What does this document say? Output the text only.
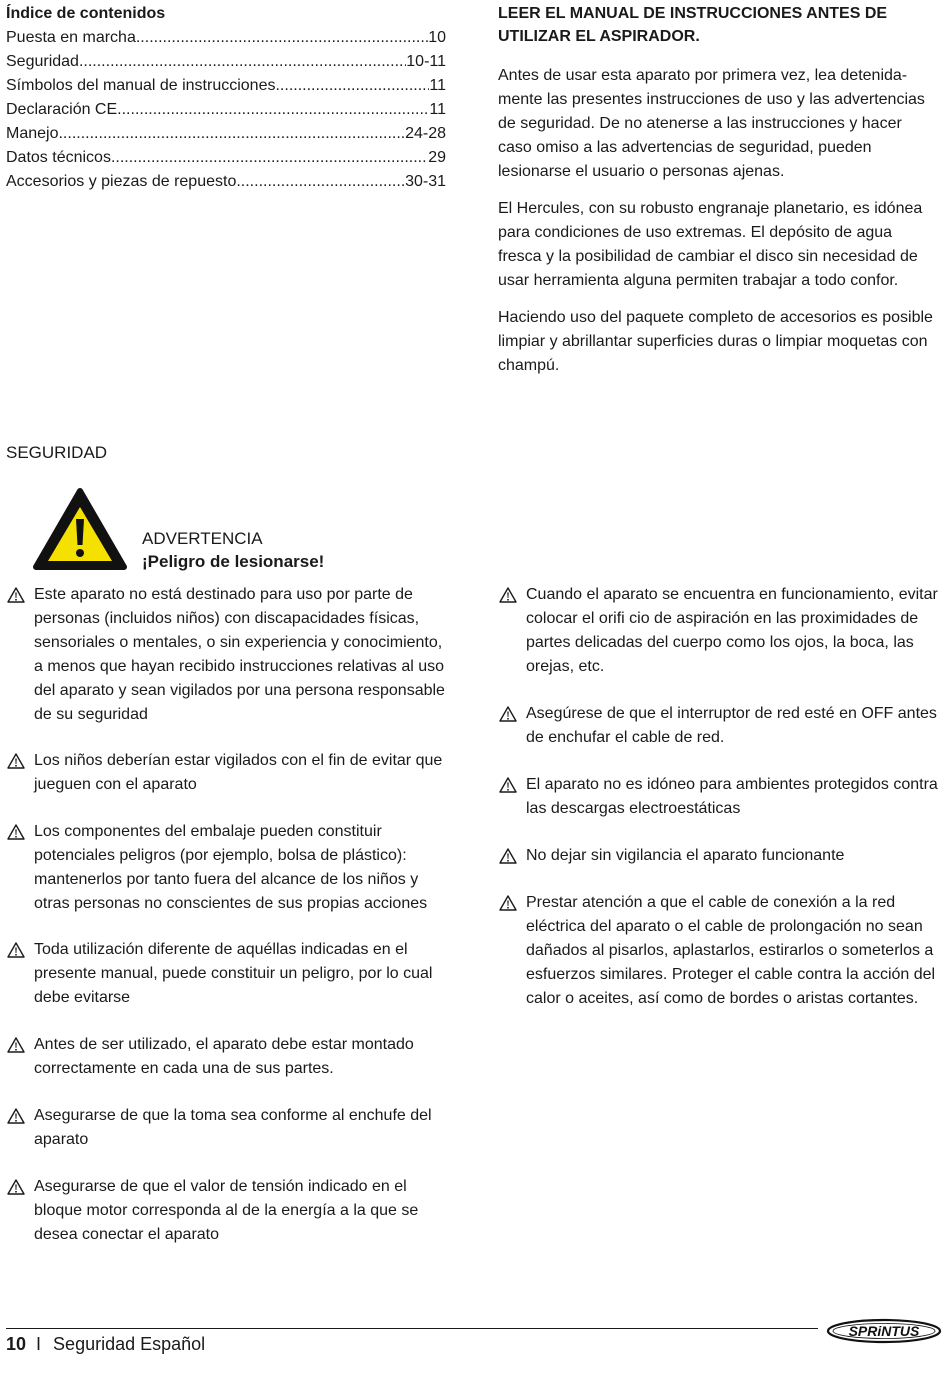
Índice de contenidos
Puesta en marcha .....	10
Seguridad .....	10-11
Símbolos del manual de instrucciones .....	11
Declaración CE. .....	11
Manejo .....	24-28
Datos técnicos .....	29
Accesorios y piezas de repuesto .....	30-31
LEER EL MANUAL DE INSTRUCCIONES ANTES DE UTILIZAR EL ASPIRADOR.

Antes de usar esta aparato por primera vez, lea detenida-mente las presentes instrucciones de uso y las advertencias de seguridad. De no atenerse a las instrucciones y hacer caso omiso a las advertencias de seguridad, pueden lesionarse el usuario o personas ajenas.

El Hercules, con su robusto engranaje planetario, es idónea para condiciones de uso extremas. El depósito de agua fresca y la posibilidad de cambiar el disco sin necesidad de usar herramienta alguna permiten trabajar a todo confor.

Haciendo uso del paquete completo de accesorios es posible limpiar y abrillantar superficies duras o limpiar moquetas con champú.

SEGURIDAD
ADVERTENCIA
¡Peligro de lesionarse!
Este aparato no está destinado para uso por parte de personas (incluidos niños) con discapacidades físicas, sensoriales o mentales, o sin experiencia y conocimiento, a menos que hayan recibido instrucciones relativas al uso del aparato y sean vigilados por una persona responsable de su seguridad
Los niños deberían estar vigilados con el fin de evitar que jueguen con el aparato
Los componentes del embalaje pueden constituir potenciales peligros (por ejemplo, bolsa de plástico): mantenerlos por tanto fuera del alcance de los niños y otras personas no conscientes de sus propias acciones
Toda utilización diferente de aquéllas indicadas en el presente manual, puede constituir un peligro, por lo cual debe evitarse
Antes de ser utilizado, el aparato debe estar montado correctamente en cada una de sus partes.
Asegurarse de que la toma sea conforme al enchufe del aparato
Asegurarse de que el valor de tensión indicado en el bloque motor corresponda al de la energía a la que se desea conectar el aparato
Cuando el aparato se encuentra en funcionamiento, evitar colocar el orifi cio de aspiración en las proximidades de partes delicadas del cuerpo como los ojos, la boca, las orejas, etc.
Asegúrese de que el interruptor de red esté en OFF antes de enchufar el cable de red.
El aparato no es idóneo para ambientes protegidos contra las descargas electroestáticas
No dejar sin vigilancia el aparato funcionante
Prestar atención a que el cable de conexión a la red eléctrica del aparato o el cable de prolongación no sean dañados al pisarlos, aplastarlos, estirarlos o someterlos a esfuerzos similares. Proteger el cable contra la acción del calor o aceites, así como de bordes o aristas cortantes.
10 I Seguridad Español
SPRiNTUS
